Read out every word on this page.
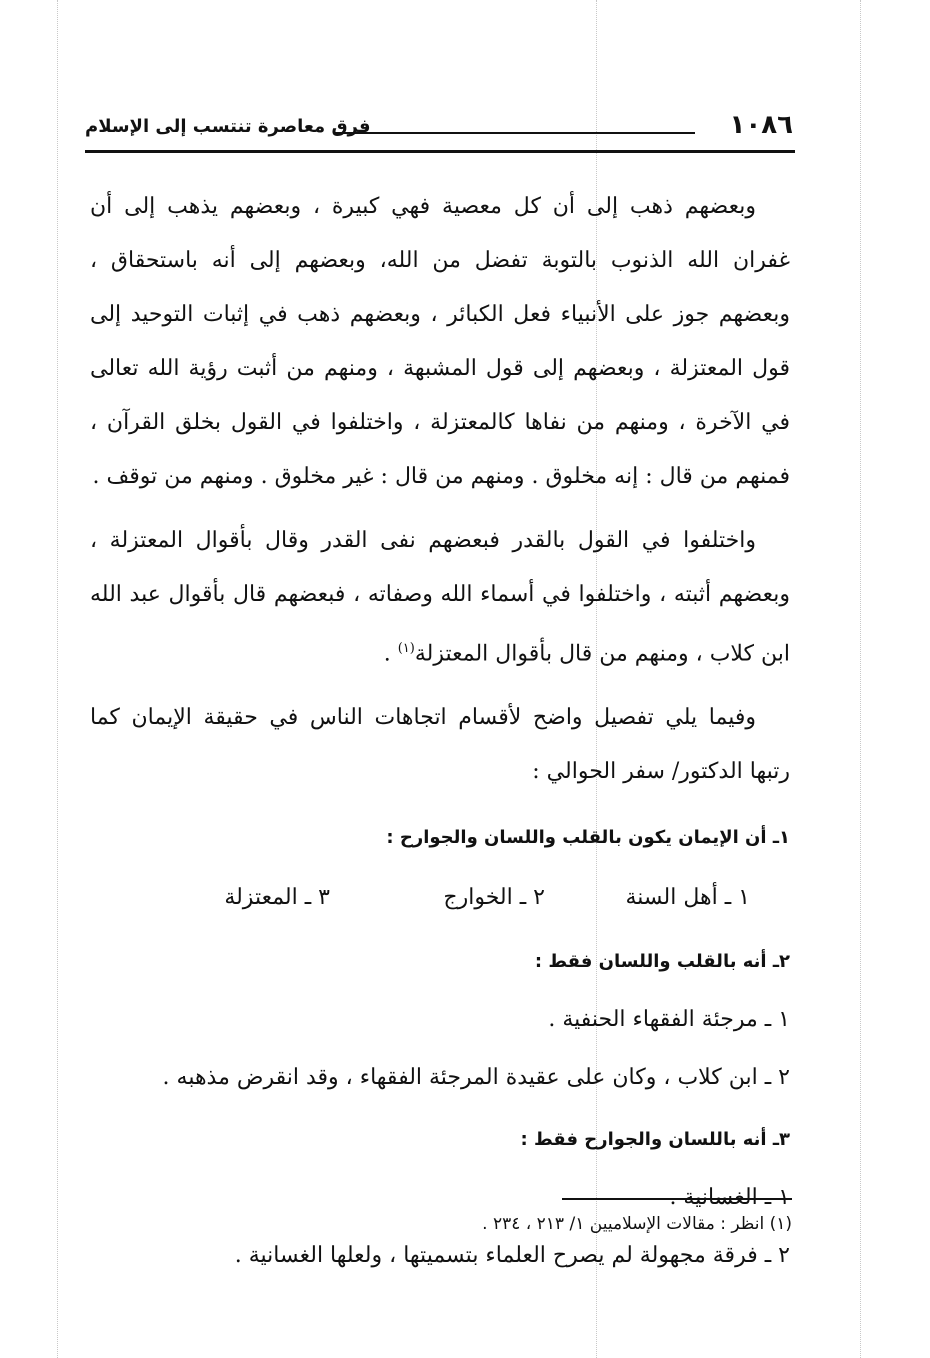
١٠٨٦
فرق معاصرة تنتسب إلى الإسلام

وبعضهم ذهب إلى أن كل معصية فهي كبيرة ، وبعضهم يذهب إلى أن غفران الله الذنوب بالتوبة تفضل من الله، وبعضهم إلى أنه باستحقاق ، وبعضهم جوز على الأنبياء فعل الكبائر ، وبعضهم ذهب في إثبات التوحيد إلى قول المعتزلة ، وبعضهم إلى قول المشبهة ، ومنهم من أثبت رؤية الله تعالى في الآخرة ، ومنهم من نفاها كالمعتزلة ، واختلفوا في القول بخلق القرآن ، فمنهم من قال : إنه مخلوق . ومنهم من قال : غير مخلوق . ومنهم من توقف .

واختلفوا في القول بالقدر فبعضهم نفى القدر وقال بأقوال المعتزلة ، وبعضهم أثبته ، واختلفوا في أسماء الله وصفاته ، فبعضهم قال بأقوال عبد الله ابن كلاب ، ومنهم من قال بأقوال المعتزلة$^{(١)}$ .

وفيما يلي تفصيل واضح لأقسام اتجاهات الناس في حقيقة الإيمان كما رتبها الدكتور/ سفر الحوالي :

١ـ أن الإيمان يكون بالقلب واللسان والجوارح :
١ ـ أهل السنة
٢ ـ الخوارج
٣ ـ المعتزلة
٢ـ أنه بالقلب واللسان فقط :

١ ـ مرجئة الفقهاء الحنفية .

٢ ـ ابن كلاب ، وكان على عقيدة المرجئة الفقهاء ، وقد انقرض مذهبه .

٣ـ أنه باللسان والجوارح فقط :

١ ـ الغسانية .

٢ ـ فرقة مجهولة لم يصرح العلماء بتسميتها ، ولعلها الغسانية .

(١) انظر : مقالات الإسلاميين ١/ ٢١٣ ، ٢٣٤ .
